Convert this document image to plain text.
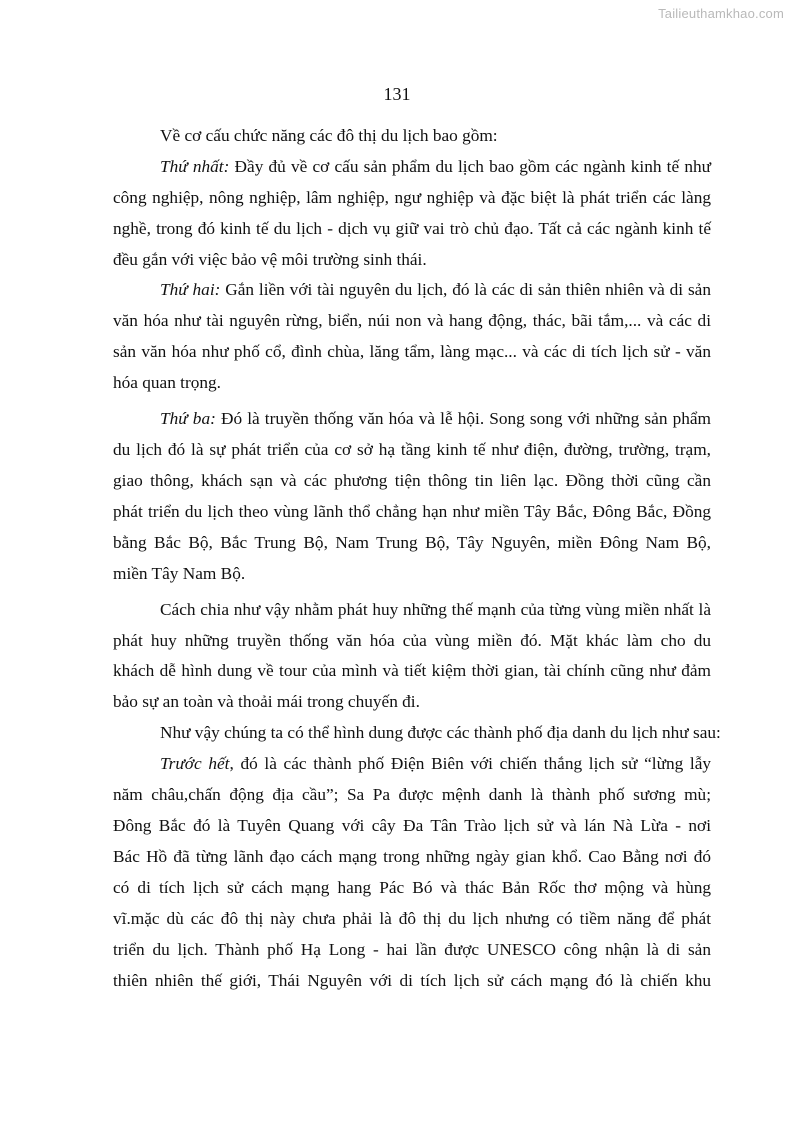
Tailieuthamkhao.com
131
Về cơ cấu chức năng các đô thị du lịch bao gồm:
Thứ nhất: Đầy đủ về cơ cấu sản phẩm du lịch bao gồm các ngành kinh tế như
công nghiệp, nông nghiệp, lâm nghiệp, ngư nghiệp và đặc biệt là phát triển các làng
nghề, trong đó kinh tế du lịch - dịch vụ giữ vai trò chủ đạo. Tất cả các ngành kinh tế
đều gắn với việc bảo vệ môi trường sinh thái.
Thứ hai: Gắn liền với tài nguyên du lịch, đó là các di sản thiên nhiên và di sản
văn hóa như tài nguyên rừng, biển, núi non và hang động, thác, bãi tắm,... và các di
sản văn hóa như phố cổ, đình chùa, lăng tẩm, làng mạc... và các di tích lịch sử - văn
hóa quan trọng.
Thứ ba: Đó là truyền thống văn hóa và lễ hội. Song song với những sản phẩm
du lịch đó là sự phát triển của cơ sở hạ tầng kinh tế như điện, đường, trường, trạm,
giao thông, khách sạn và các phương tiện thông tin liên lạc. Đồng thời cũng cần
phát triển du lịch theo vùng lãnh thổ chẳng hạn như miền Tây Bắc, Đông Bắc, Đồng
bằng Bắc Bộ, Bắc Trung Bộ, Nam Trung Bộ, Tây Nguyên, miền Đông Nam Bộ,
miền Tây Nam Bộ.
Cách chia như vậy nhằm phát huy những thế mạnh của từng vùng miền nhất là
phát huy những truyền thống văn hóa của vùng miền đó. Mặt khác làm cho du
khách dễ hình dung về tour của mình và tiết kiệm thời gian, tài chính cũng như đảm
bảo sự an toàn và thoải mái trong chuyến đi.
Như vậy chúng ta có thể hình dung được các thành phố địa danh du lịch như sau:
Trước hết, đó là các thành phố Điện Biên với chiến thắng lịch sử “lừng lẫy
năm châu,chấn động địa cầu”; Sa Pa được mệnh danh là thành phố sương mù;
Đông Bắc đó là Tuyên Quang với cây Đa Tân Trào lịch sử và lán Nà Lừa - nơi
Bác Hồ đã từng lãnh đạo cách mạng trong những ngày gian khổ. Cao Bằng nơi đó
có di tích lịch sử cách mạng hang Pác Bó và thác Bản Rốc thơ mộng và hùng
vĩ.mặc dù các đô thị này chưa phải là đô thị du lịch nhưng có tiềm năng để phát
triển du lịch. Thành phố Hạ Long - hai lần được UNESCO công nhận là di sản
thiên nhiên thế giới, Thái Nguyên với di tích lịch sử cách mạng đó là chiến khu
